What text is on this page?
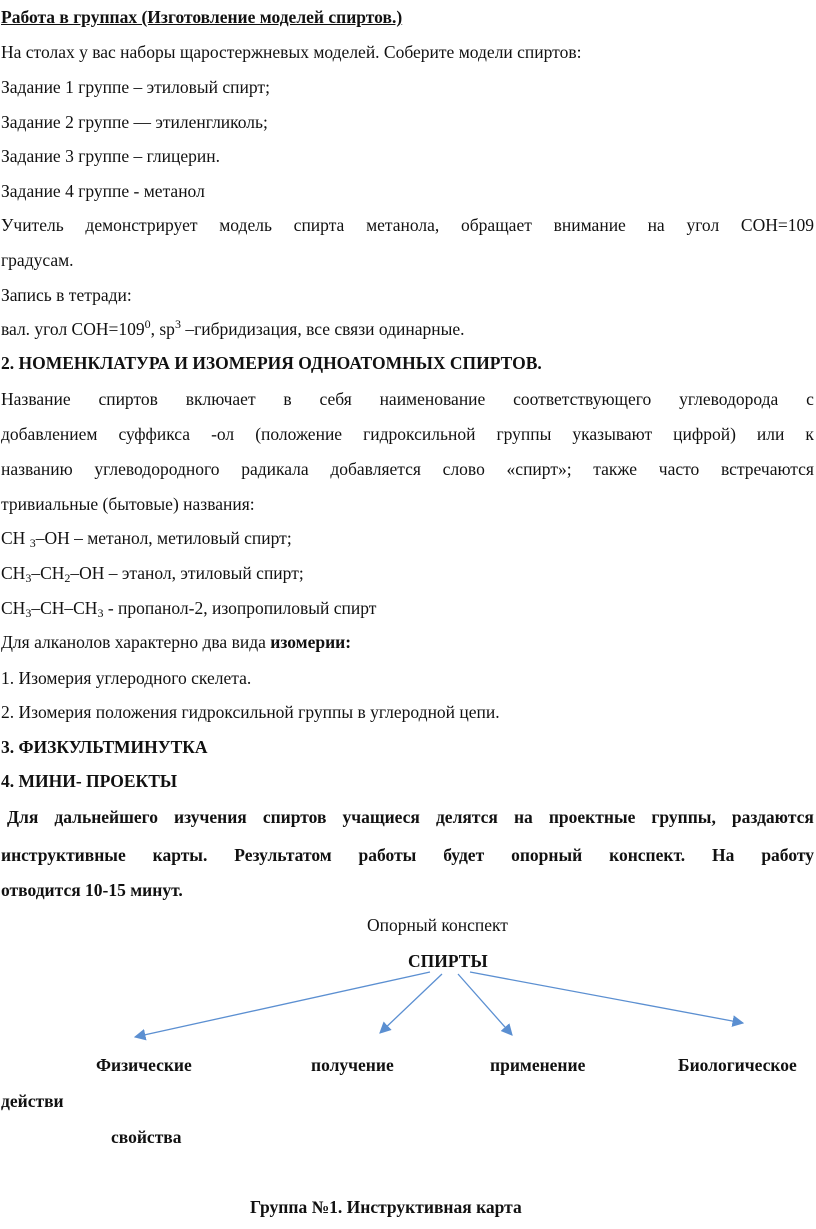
Работа в группах (Изготовление моделей спиртов.)
На столах у вас наборы щаростержневых моделей. Соберите модели спиртов:
Задание 1 группе – этиловый спирт;
Задание 2 группе –– этиленгликоль;
Задание 3 группе – глицерин.
Задание 4 группе - метанол
Учитель демонстрирует модель спирта метанола, обращает внимание на угол СОН=109
градусам.
Запись в тетради:
вал. угол $СОН=109^0$, $sp^3$ –гибридизация, все связи одинарные.
2. НОМЕНКЛАТУРА И ИЗОМЕРИЯ ОДНОАТОМНЫХ СПИРТОВ.
Название спиртов включает в себя наименование соответствующего углеводорода с
добавлением суффикса -ол (положение гидроксильной группы указывают цифрой) или к
названию углеводородного радикала добавляется слово «спирт»; также часто встречаются
тривиальные (бытовые) названия:
CH $_3$–OH – метанол, метиловый спирт;
$CH_3-CH_2-OH$ – этанол, этиловый спирт;
$CH_3-CH-CH_3$ - пропанол-2, изопропиловый спирт
Для алканолов характерно два вида изомерии:
1. Изомерия углеродного скелета.
2. Изомерия положения гидроксильной группы в углеродной цепи.
3. ФИЗКУЛЬТМИНУТКА
4. МИНИ- ПРОЕКТЫ
Для дальнейшего изучения спиртов учащиеся делятся на проектные группы, раздаются
инструктивные карты. Результатом работы будет опорный конспект. На работу
отводится 10-15 минут.
Опорный конспект
СПИРТЫ
Физические	получение	применение	Биологическое
действи
свойства
Группа №1. Инструктивная карта
